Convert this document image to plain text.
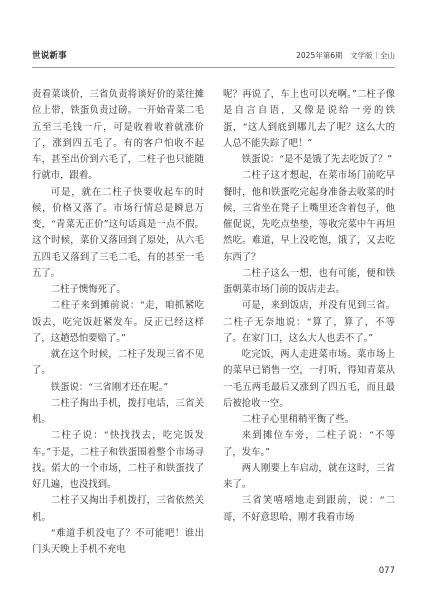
世说新事	2025年第6期　文学版｜全山

责看菜谈价，三省负责将谈好价的菜往摊位上带，铁蛋负责过磅。一开始青菜二毛五至三毛钱一斤，可是收着收着就涨价了，涨到四五毛了。有的客户怕收不起车，甚至出价到六毛了，二柱子也只能随行就市，跟着。

可是，就在二柱子快要收起车的时候，价格又落了。市场行情总是瞬息万变，“青菜无正价”这句话真是一点不假。这个时候，菜价又落回到了原处，从六毛五四毛又落到了三毛二毛，有的甚至一毛五了。

二柱子懊悔死了。

二柱子来到摊前说：“走，咱抓紧吃饭去，吃完饭赶紧发车。反正已经这样了，这趟恐怕要赔了。”

就在这个时候，二柱子发现三省不见了。

铁蛋说：“三省刚才还在呢。”

二柱子掏出手机，拨打电话，三省关机。

二柱子说：“快找找去，吃完饭发车。”于是，二柱子和铁蛋围着整个市场寻找。偌大的一个市场，二柱子和铁蛋找了好几遍，也没找到。

二柱子又掏出手机拨打，三省依然关机。

“难道手机没电了？不可能吧！谁出门头天晚上手机不充电

呢？再说了，车上也可以充啊。”二柱子像是自言自语，又像是说给一旁的铁蛋，“这人到底到哪儿去了呢？这么大的人总不能失踪了吧！”

铁蛋说：“是不是饿了先去吃饭了？”

二柱子这才想起，在菜市场门前吃早餐时，他和铁蛋吃完起身准备去收菜的时候，三省坐在凳子上嘴里还含着包子，他催促说，先吃点垫垫，等收完菜中午再坦然吃。难道，早上没吃饱，饿了，又去吃东西了？

二柱子这么一想，也有可能，便和铁蛋朝菜市场门前的饭店走去。

可是，来到饭店，并没有见到三省。二柱子无奈地说：“算了，算了，不等了。在家门口，这么大人也丢不了。”

吃完饭，两人走进菜市场。菜市场上的菜早已销售一空，一打听，得知青菜从一毛五两毛最后又涨到了四五毛，而且最后被抢收一空。

二柱子心里稍稍平衡了些。

来到摊位车旁，二柱子说：“不等了，发车。”

两人刚要上车启动，就在这时，三省来了。

三省笑嘻嘻地走到跟前，说：“二哥，不好意思哈，刚才我看市场

077
